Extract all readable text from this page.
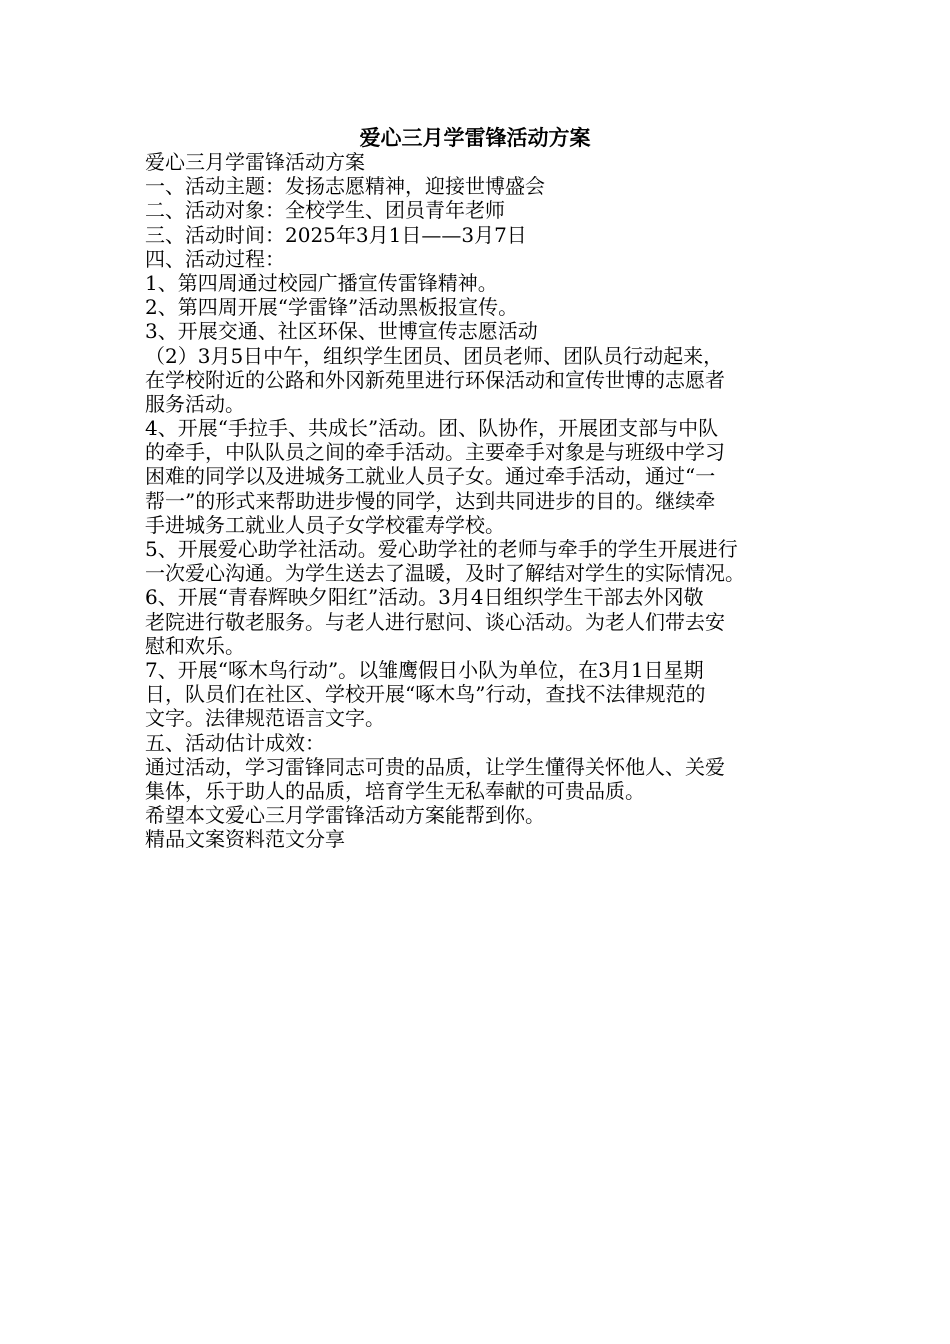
爱心三月学雷锋活动方案
爱心三月学雷锋活动方案
一、活动主题：发扬志愿精神，迎接世博盛会
二、活动对象：全校学生、团员青年老师
三、活动时间：2025年3月1日——3月7日
四、活动过程：
1、第四周通过校园广播宣传雷锋精神。
2、第四周开展“学雷锋”活动黑板报宣传。
3、开展交通、社区环保、世博宣传志愿活动
（2）3月5日中午，组织学生团员、团员老师、团队员行动起来，
在学校附近的公路和外冈新苑里进行环保活动和宣传世博的志愿者
服务活动。
4、开展“手拉手、共成长”活动。团、队协作，开展团支部与中队
的牵手，中队队员之间的牵手活动。主要牵手对象是与班级中学习
困难的同学以及进城务工就业人员子女。通过牵手活动，通过“一
帮一”的形式来帮助进步慢的同学，达到共同进步的目的。继续牵
手进城务工就业人员子女学校霍寿学校。
5、开展爱心助学社活动。爱心助学社的老师与牵手的学生开展进行
一次爱心沟通。为学生送去了温暖，及时了解结对学生的实际情况。
6、开展“青春辉映夕阳红”活动。3月4日组织学生干部去外冈敬
老院进行敬老服务。与老人进行慰问、谈心活动。为老人们带去安
慰和欢乐。
7、开展“啄木鸟行动”。以雏鹰假日小队为单位，在3月1日星期
日，队员们在社区、学校开展“啄木鸟”行动，查找不法律规范的
文字。法律规范语言文字。
五、活动估计成效：
通过活动，学习雷锋同志可贵的品质，让学生懂得关怀他人、关爱
集体，乐于助人的品质，培育学生无私奉献的可贵品质。
希望本文爱心三月学雷锋活动方案能帮到你。
精品文案资料范文分享
